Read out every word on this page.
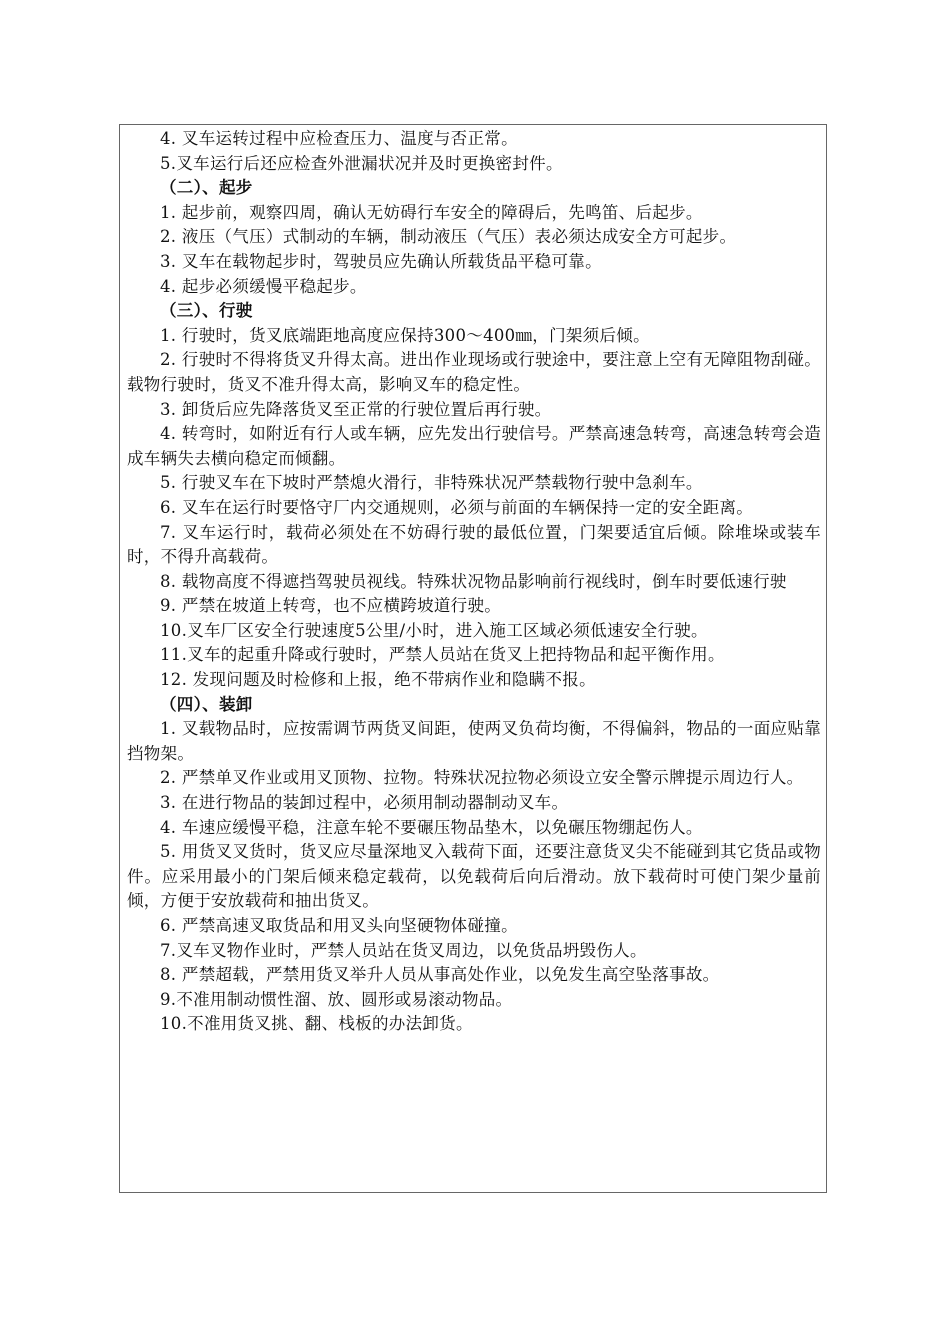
4. 叉车运转过程中应检查压力、温度与否正常。

5.叉车运行后还应检查外泄漏状况并及时更换密封件。

（二）、起步

1. 起步前，观察四周，确认无妨碍行车安全的障碍后，先鸣笛、后起步。

2. 液压（气压）式制动的车辆，制动液压（气压）表必须达成安全方可起步。

3. 叉车在载物起步时，驾驶员应先确认所载货品平稳可靠。

4. 起步必须缓慢平稳起步。

（三）、行驶

1. 行驶时，货叉底端距地高度应保持300～400㎜，门架须后倾。

2. 行驶时不得将货叉升得太高。进出作业现场或行驶途中，要注意上空有无障阻物刮碰。载物行驶时，货叉不准升得太高，影响叉车的稳定性。

3. 卸货后应先降落货叉至正常的行驶位置后再行驶。

4. 转弯时，如附近有行人或车辆，应先发出行驶信号。严禁高速急转弯，高速急转弯会造成车辆失去横向稳定而倾翻。

5. 行驶叉车在下坡时严禁熄火滑行，非特殊状况严禁载物行驶中急刹车。

6. 叉车在运行时要恪守厂内交通规则，必须与前面的车辆保持一定的安全距离。

7. 叉车运行时，载荷必须处在不妨碍行驶的最低位置，门架要适宜后倾。除堆垛或装车时，不得升高载荷。

8. 载物高度不得遮挡驾驶员视线。特殊状况物品影响前行视线时，倒车时要低速行驶

9. 严禁在坡道上转弯，也不应横跨坡道行驶。

10.叉车厂区安全行驶速度5公里/小时，进入施工区域必须低速安全行驶。

11.叉车的起重升降或行驶时，严禁人员站在货叉上把持物品和起平衡作用。

12. 发现问题及时检修和上报，绝不带病作业和隐瞒不报。

（四）、装卸

1. 叉载物品时，应按需调节两货叉间距，使两叉负荷均衡，不得偏斜，物品的一面应贴靠挡物架。

2. 严禁单叉作业或用叉顶物、拉物。特殊状况拉物必须设立安全警示牌提示周边行人。

3. 在进行物品的装卸过程中，必须用制动器制动叉车。

4. 车速应缓慢平稳，注意车轮不要碾压物品垫木，以免碾压物绷起伤人。

5. 用货叉叉货时，货叉应尽量深地叉入载荷下面，还要注意货叉尖不能碰到其它货品或物件。应采用最小的门架后倾来稳定载荷，以免载荷后向后滑动。放下载荷时可使门架少量前倾，方便于安放载荷和抽出货叉。

6. 严禁高速叉取货品和用叉头向坚硬物体碰撞。

7.叉车叉物作业时，严禁人员站在货叉周边，以免货品坍毁伤人。

8. 严禁超载，严禁用货叉举升人员从事高处作业，以免发生高空坠落事故。

9.不准用制动惯性溜、放、圆形或易滚动物品。

10.不准用货叉挑、翻、栈板的办法卸货。
